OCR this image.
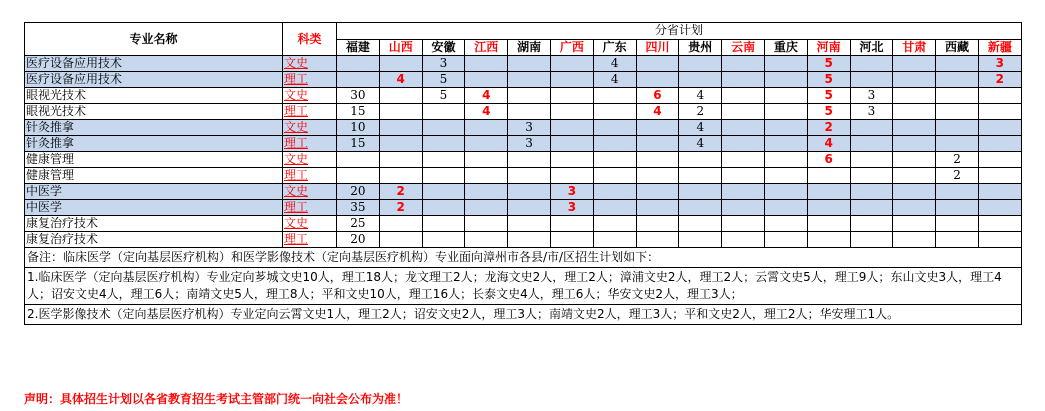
专业名称	科类	分省计划															
		福建	山西	安徽	江西	湖南	广西	广东	四川	贵州	云南	重庆	河南	河北	甘肃	西藏	新疆
医疗设备应用技术	文史			3				4					5				3
医疗设备应用技术	理工		4	5				4					5				2
眼视光技术	文史	30		5	4				6	4			5	3			
眼视光技术	理工	15			4				4	2			5	3			
针灸推拿	文史	10				3				4			2				
针灸推拿	理工	15				3				4			4				
健康管理	文史												6			2	
健康管理	理工															2	
中医学	文史	20	2				3										
中医学	理工	35	2				3										
康复治疗技术	文史	25															
康复治疗技术	理工	20															
备注：临床医学（定向基层医疗机构）和医学影像技术（定向基层医疗机构）专业面向漳州市各县/市/区招生计划如下：																	
1.临床医学（定向基层医疗机构）专业定向芗城文史10人，理工18人；龙文理工2人；龙海文史2人，理工2人；漳浦文史2人，理工2人；云霄文史5人，理工9人；东山文史3人，理工4人；诏安文史4人，理工6人；南靖文史5人，理工8人；平和文史10人，理工16人；长泰文史4人，理工6人；华安文史2人，理工3人；																	
2.医学影像技术（定向基层医疗机构）专业定向云霄文史1人，理工2人；诏安文史2人，理工3人；南靖文史2人，理工3人；平和文史2人，理工2人；华安理工1人。																	
声明：具体招生计划以各省教育招生考试主管部门统一向社会公布为准！
